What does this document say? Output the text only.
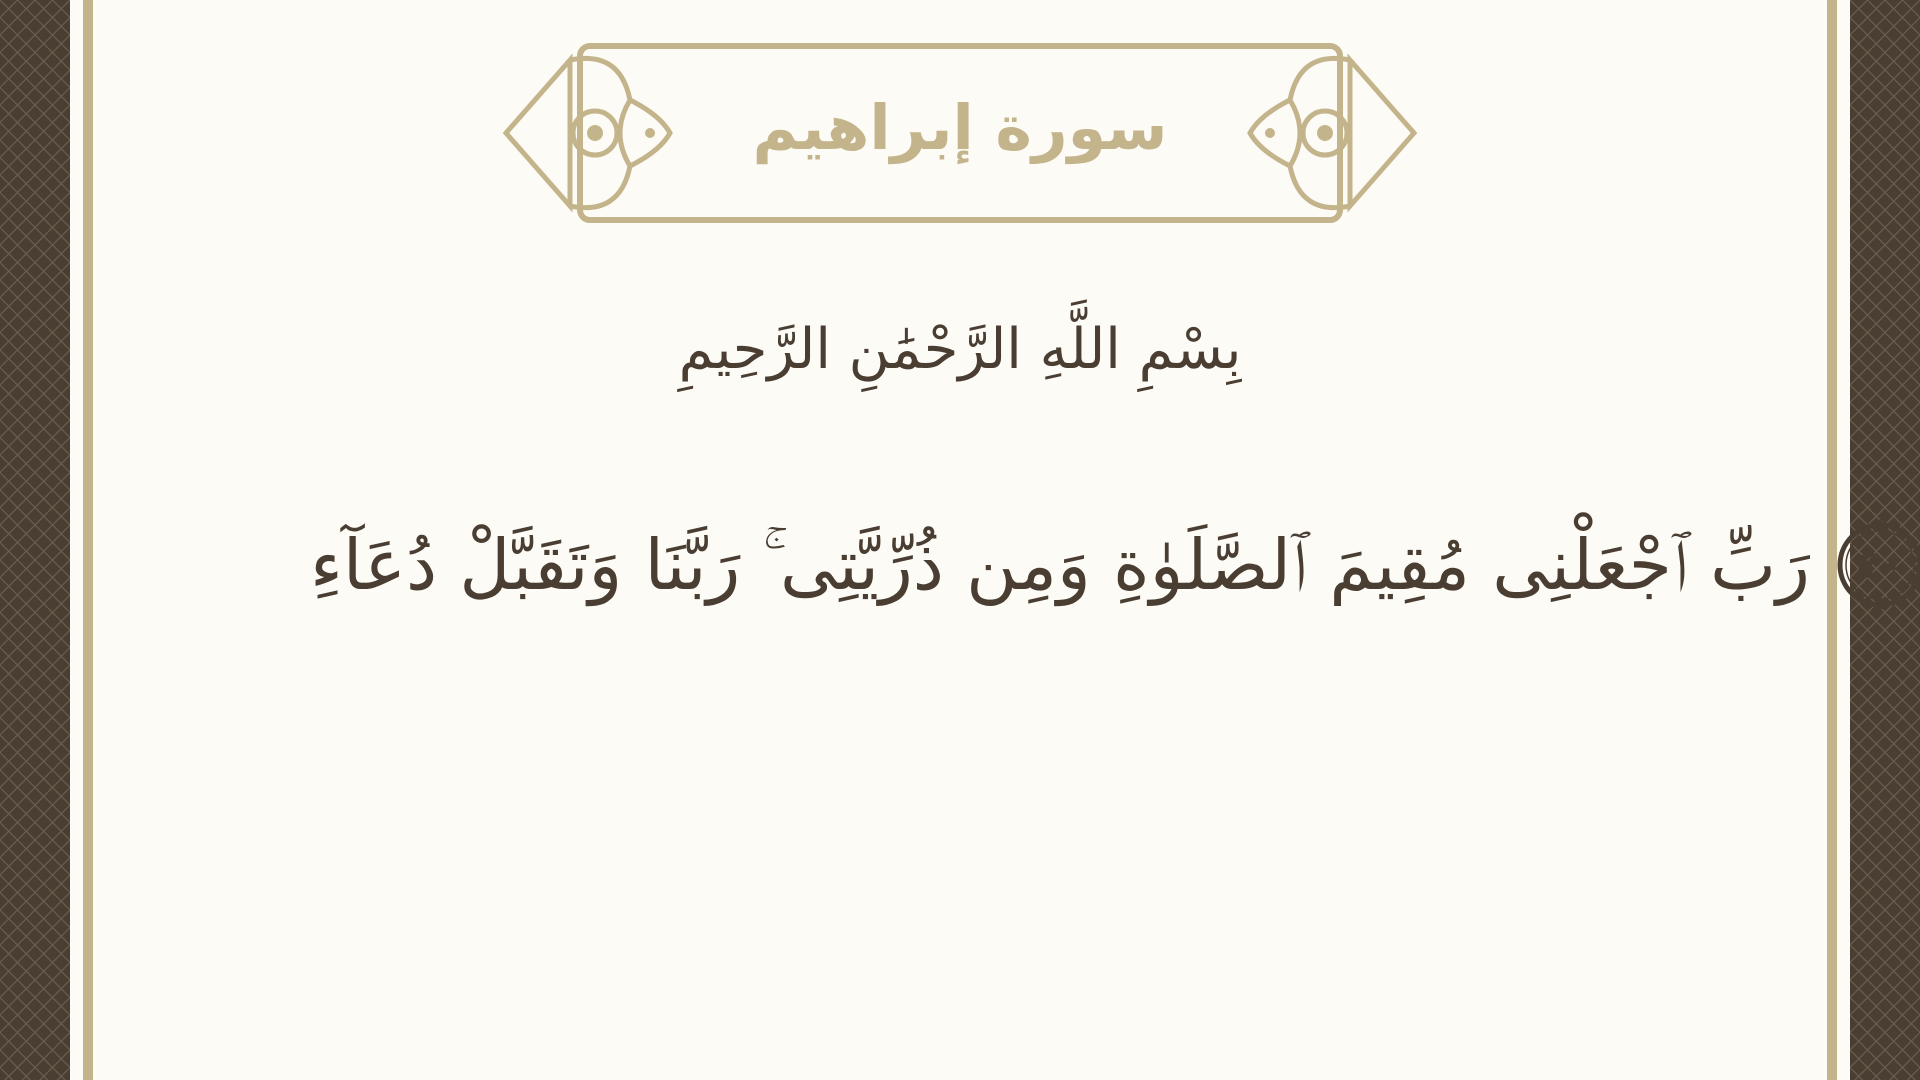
سورة إبراهيم
بِسْمِ اللَّهِ الرَّحْمَٰنِ الرَّحِيمِ
رَبِّ ٱجْعَلْنِى مُقِيمَ ٱلصَّلَوٰةِ وَمِن ذُرِّيَّتِى ۚ رَبَّنَا وَتَقَبَّلْ دُعَآءِ	٤٠
